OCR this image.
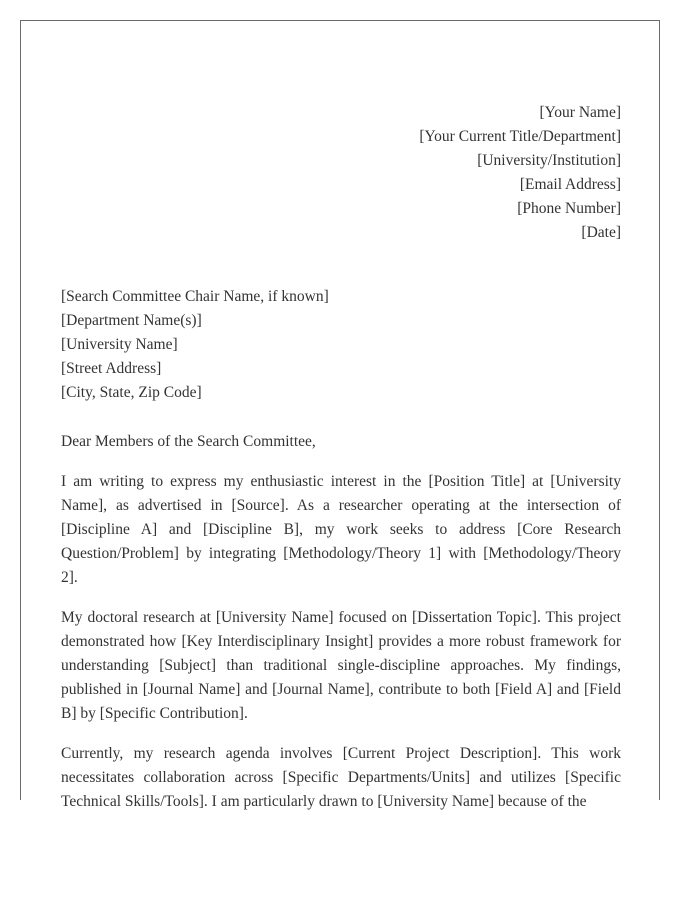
[Your Name]
[Your Current Title/Department]
[University/Institution]
[Email Address]
[Phone Number]
[Date]
[Search Committee Chair Name, if known]
[Department Name(s)]
[University Name]
[Street Address]
[City, State, Zip Code]
Dear Members of the Search Committee,

I am writing to express my enthusiastic interest in the [Position Title] at [University Name], as advertised in [Source]. As a researcher operating at the intersection of [Discipline A] and [Discipline B], my work seeks to address [Core Research Question/Problem] by integrating [Methodology/Theory 1] with [Methodology/Theory 2].

My doctoral research at [University Name] focused on [Dissertation Topic]. This project demonstrated how [Key Interdisciplinary Insight] provides a more robust framework for understanding [Subject] than traditional single-discipline approaches. My findings, published in [Journal Name] and [Journal Name], contribute to both [Field A] and [Field B] by [Specific Contribution].

Currently, my research agenda involves [Current Project Description]. This work necessitates collaboration across [Specific Departments/Units] and utilizes [Specific Technical Skills/Tools]. I am particularly drawn to [University Name] because of the
